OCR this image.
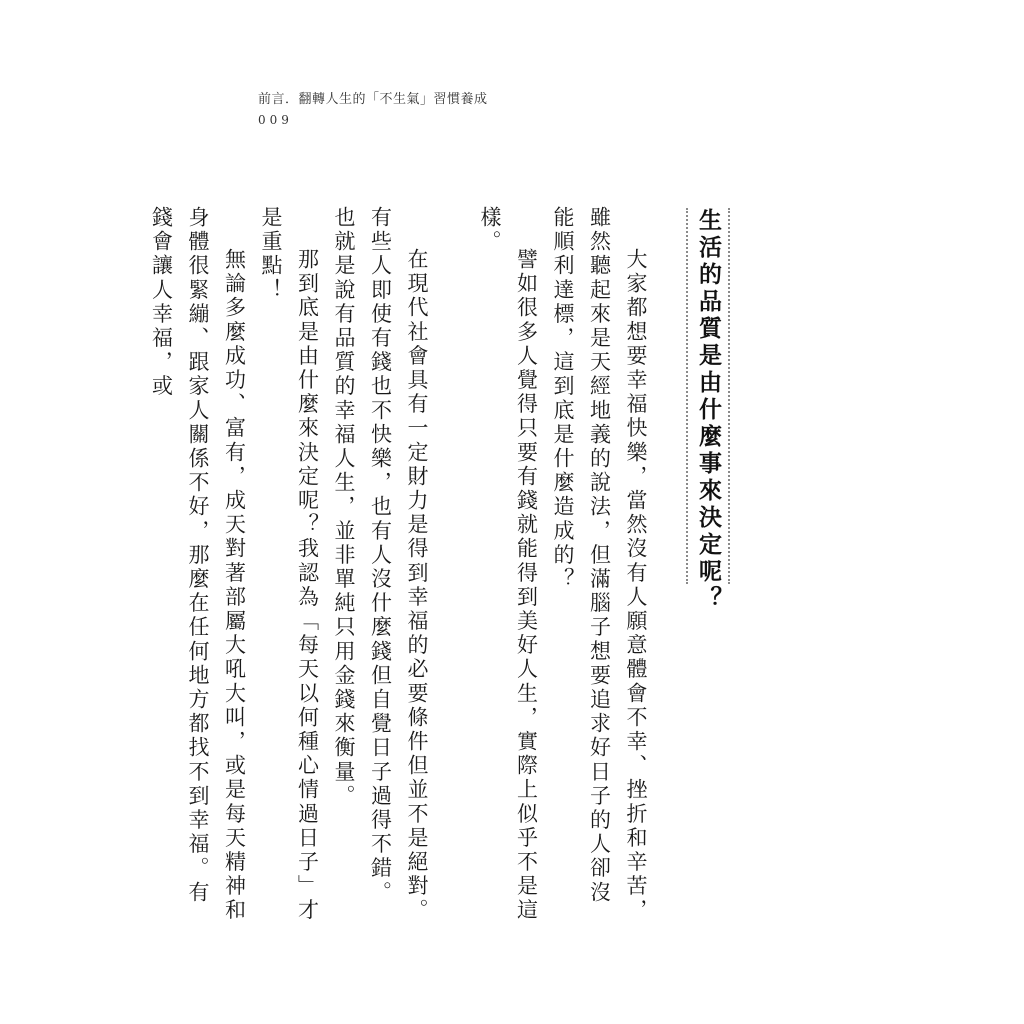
前言．翻轉人生的「不生氣」習慣養成
009
生活的品質是由什麼事來決定呢？

大家都想要幸福快樂，當然沒有人願意體會不幸、挫折和辛苦，雖然聽起來是天經地義的說法，但滿腦子想要追求好日子的人卻沒能順利達標，這到底是什麼造成的？

譬如很多人覺得只要有錢就能得到美好人生，實際上似乎不是這樣。

在現代社會具有一定財力是得到幸福的必要條件但並不是絕對。有些人即使有錢也不快樂，也有人沒什麼錢但自覺日子過得不錯。也就是說有品質的幸福人生，並非單純只用金錢來衡量。

那到底是由什麼來決定呢？我認為「每天以何種心情過日子」才是重點！

無論多麼成功、富有，成天對著部屬大吼大叫，或是每天精神和身體很緊繃、跟家人關係不好，那麼在任何地方都找不到幸福。有錢會讓人幸福，或
